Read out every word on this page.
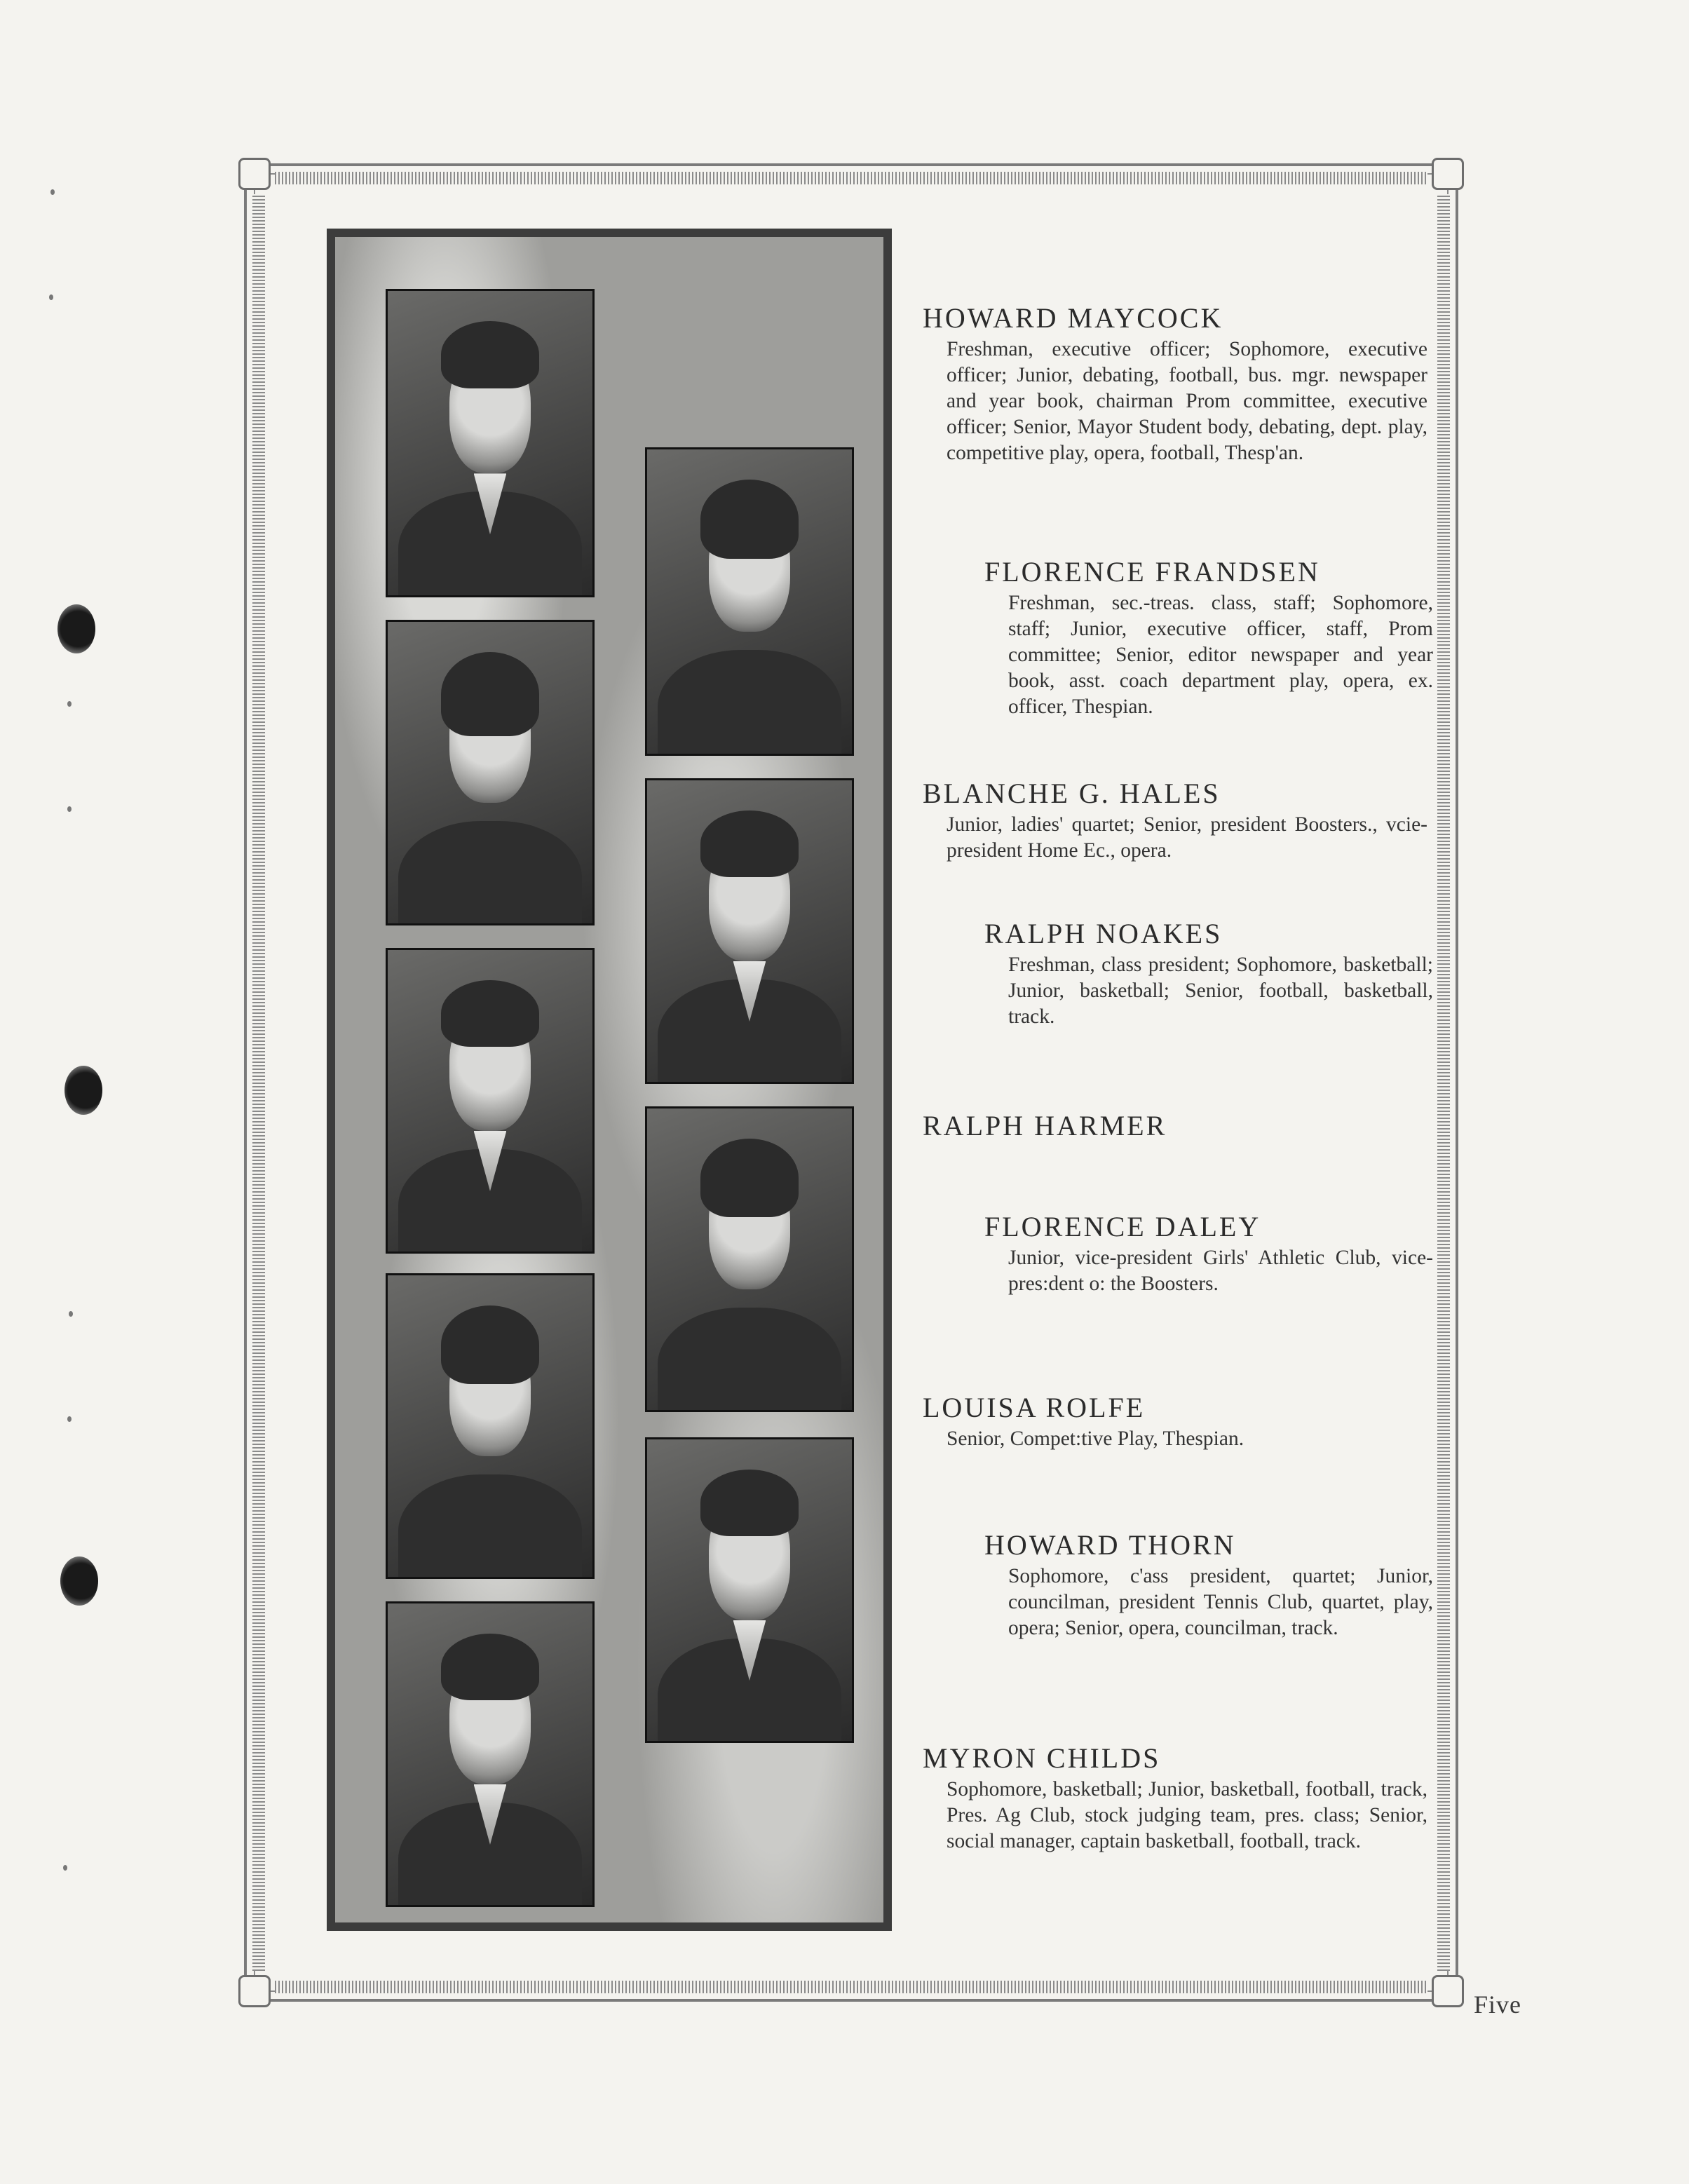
HOWARD MAYCOCK
Freshman, executive officer; Sophomore, executive officer; Junior, debating, football, bus. mgr. newspaper and year book, chairman Prom committee, executive officer; Senior, Mayor Student body, debating, dept. play, competitive play, opera, football, Thesp'an.
FLORENCE FRANDSEN
Freshman, sec.-treas. class, staff; Sophomore, staff; Junior, executive officer, staff, Prom committee; Senior, editor newspaper and year book, asst. coach department play, opera, ex. officer, Thespian.
BLANCHE G. HALES
Junior, ladies' quartet; Senior, president Boosters., vcie-president Home Ec., opera.
RALPH NOAKES
Freshman, class president; Sophomore, basketball; Junior, basketball; Senior, football, basketball, track.
RALPH HARMER
FLORENCE DALEY
Junior, vice-president Girls' Athletic Club, vice-pres:dent o: the Boosters.
LOUISA ROLFE
Senior, Compet:tive Play, Thespian.
HOWARD THORN
Sophomore, c'ass president, quartet; Junior, councilman, president Tennis Club, quartet, play, opera; Senior, opera, councilman, track.
MYRON CHILDS
Sophomore, basketball; Junior, basketball, football, track, Pres. Ag Club, stock judging team, pres. class; Senior, social manager, captain basketball, football, track.
Five
